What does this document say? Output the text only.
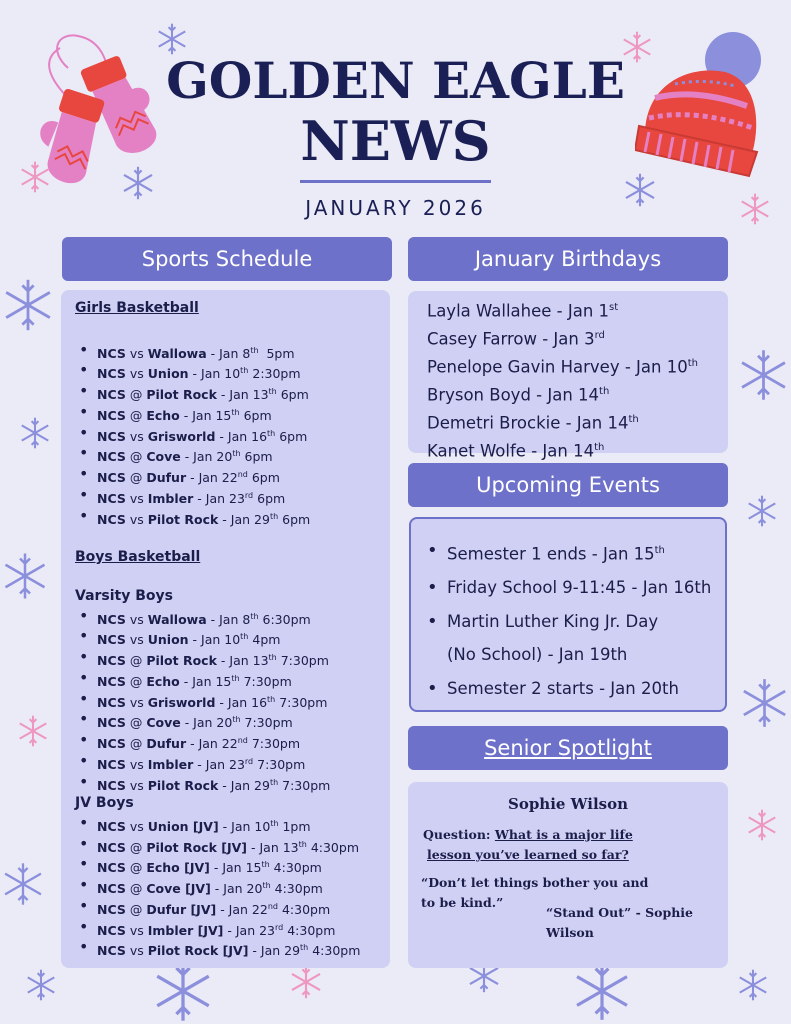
GOLDEN EAGLE
NEWS
JANUARY 2026
Sports Schedule
Girls Basketball
• NCS vs Wallowa - Jan 8th  5pm
• NCS vs Union - Jan 10th 2:30pm
• NCS @ Pilot Rock - Jan 13th 6pm
• NCS @ Echo - Jan 15th 6pm
• NCS vs Grisworld - Jan 16th 6pm
• NCS @ Cove - Jan 20th 6pm
• NCS @ Dufur - Jan 22nd 6pm
• NCS vs Imbler - Jan 23rd 6pm
• NCS vs Pilot Rock - Jan 29th 6pm
Boys Basketball
Varsity Boys
• NCS vs Wallowa - Jan 8th 6:30pm
• NCS vs Union - Jan 10th 4pm
• NCS @ Pilot Rock - Jan 13th 7:30pm
• NCS @ Echo - Jan 15th 7:30pm
• NCS vs Grisworld - Jan 16th 7:30pm
• NCS @ Cove - Jan 20th 7:30pm
• NCS @ Dufur - Jan 22nd 7:30pm
• NCS vs Imbler - Jan 23rd 7:30pm
• NCS vs Pilot Rock - Jan 29th 7:30pm
JV Boys
• NCS vs Union [JV] - Jan 10th 1pm
• NCS @ Pilot Rock [JV] - Jan 13th 4:30pm
• NCS @ Echo [JV] - Jan 15th 4:30pm
• NCS @ Cove [JV] - Jan 20th 4:30pm
• NCS @ Dufur [JV] - Jan 22nd 4:30pm
• NCS vs Imbler [JV] - Jan 23rd 4:30pm
• NCS vs Pilot Rock [JV] - Jan 29th 4:30pm
January Birthdays
Layla Wallahee - Jan 1st
Casey Farrow - Jan 3rd
Penelope Gavin Harvey - Jan 10th
Bryson Boyd - Jan 14th
Demetri Brockie - Jan 14th
Kanet Wolfe - Jan 14th
Upcoming Events
• Semester 1 ends - Jan 15th
• Friday School 9-11:45 - Jan 16th
• Martin Luther King Jr. Day
(No School) - Jan 19th
• Semester 2 starts - Jan 20th
Senior Spotlight
Sophie Wilson
Question: What is a major life
lesson you’ve learned so far?
“Don’t let things bother you and
to be kind.”
“Stand Out” - Sophie
Wilson
